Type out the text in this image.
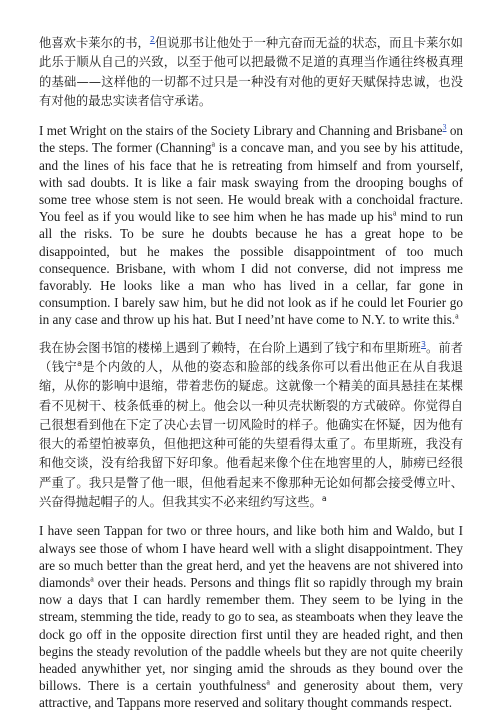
他喜欢卡莱尔的书，$^2$但说那书让他处于一种亢奋而无益的状态，而且卡莱尔如此乐于顺从自己的兴致，以至于他可以把最微不足道的真理当作通往终极真理的基础——这样他的一切都不过只是一种没有对他的更好天赋保持忠诚，也没有对他的最忠实读者信守承诺。

I met Wright on the stairs of the Society Library and Channing and Brisbane$^3$ on the steps. The former (Channing$^a$ is a concave man, and you see by his attitude, and the lines of his face that he is retreating from himself and from yourself, with sad doubts. It is like a fair mask swaying from the drooping boughs of some tree whose stem is not seen. He would break with a conchoidal fracture. You feel as if you would like to see him when he has made up his$^a$ mind to run all the risks. To be sure he doubts because he has a great hope to be disappointed, but he makes the possible disappointment of too much consequence. Brisbane, with whom I did not converse, did not impress me favorably. He looks like a man who has lived in a cellar, far gone in consumption. I barely saw him, but he did not look as if he could let Fourier go in any case and throw up his hat. But I need’nt have come to N.Y. to write this.$^a$

我在协会图书馆的楼梯上遇到了赖特，在台阶上遇到了钱宁和布里斯班$^3$。前者（钱宁$^a$是个内敛的人，从他的姿态和脸部的线条你可以看出他正在从自我退缩，从你的影响中退缩，带着悲伤的疑虑。这就像一个精美的面具悬挂在某棵看不见树干、枝条低垂的树上。他会以一种贝壳状断裂的方式破碎。你觉得自己很想看到他在下定了决心去冒一切风险时的样子。他确实在怀疑，因为他有很大的希望怕被辜负，但他把这种可能的失望看得太重了。布里斯班，我没有和他交谈，没有给我留下好印象。他看起来像个住在地窖里的人，肺痨已经很严重了。我只是瞥了他一眼，但他看起来不像那种无论如何都会接受傅立叶、兴奋得抛起帽子的人。但我其实不必来纽约写这些。$^a$

I have seen Tappan for two or three hours, and like both him and Waldo, but I always see those of whom I have heard well with a slight disappointment. They are so much better than the great herd, and yet the heavens are not shivered into diamonds$^a$ over their heads. Persons and things flit so rapidly through my brain now a days that I can hardly remember them. They seem to be lying in the stream, stemming the tide, ready to go to sea, as steamboats when they leave the dock go off in the opposite direction first until they are headed right, and then begins the steady revolution of the paddle wheels but they are not quite cheerily headed anywhither yet, nor singing amid the shrouds as they bound over the billows. There is a certain youthfulness$^a$ and generosity about them, very attractive, and Tappans more reserved and solitary thought commands respect.
